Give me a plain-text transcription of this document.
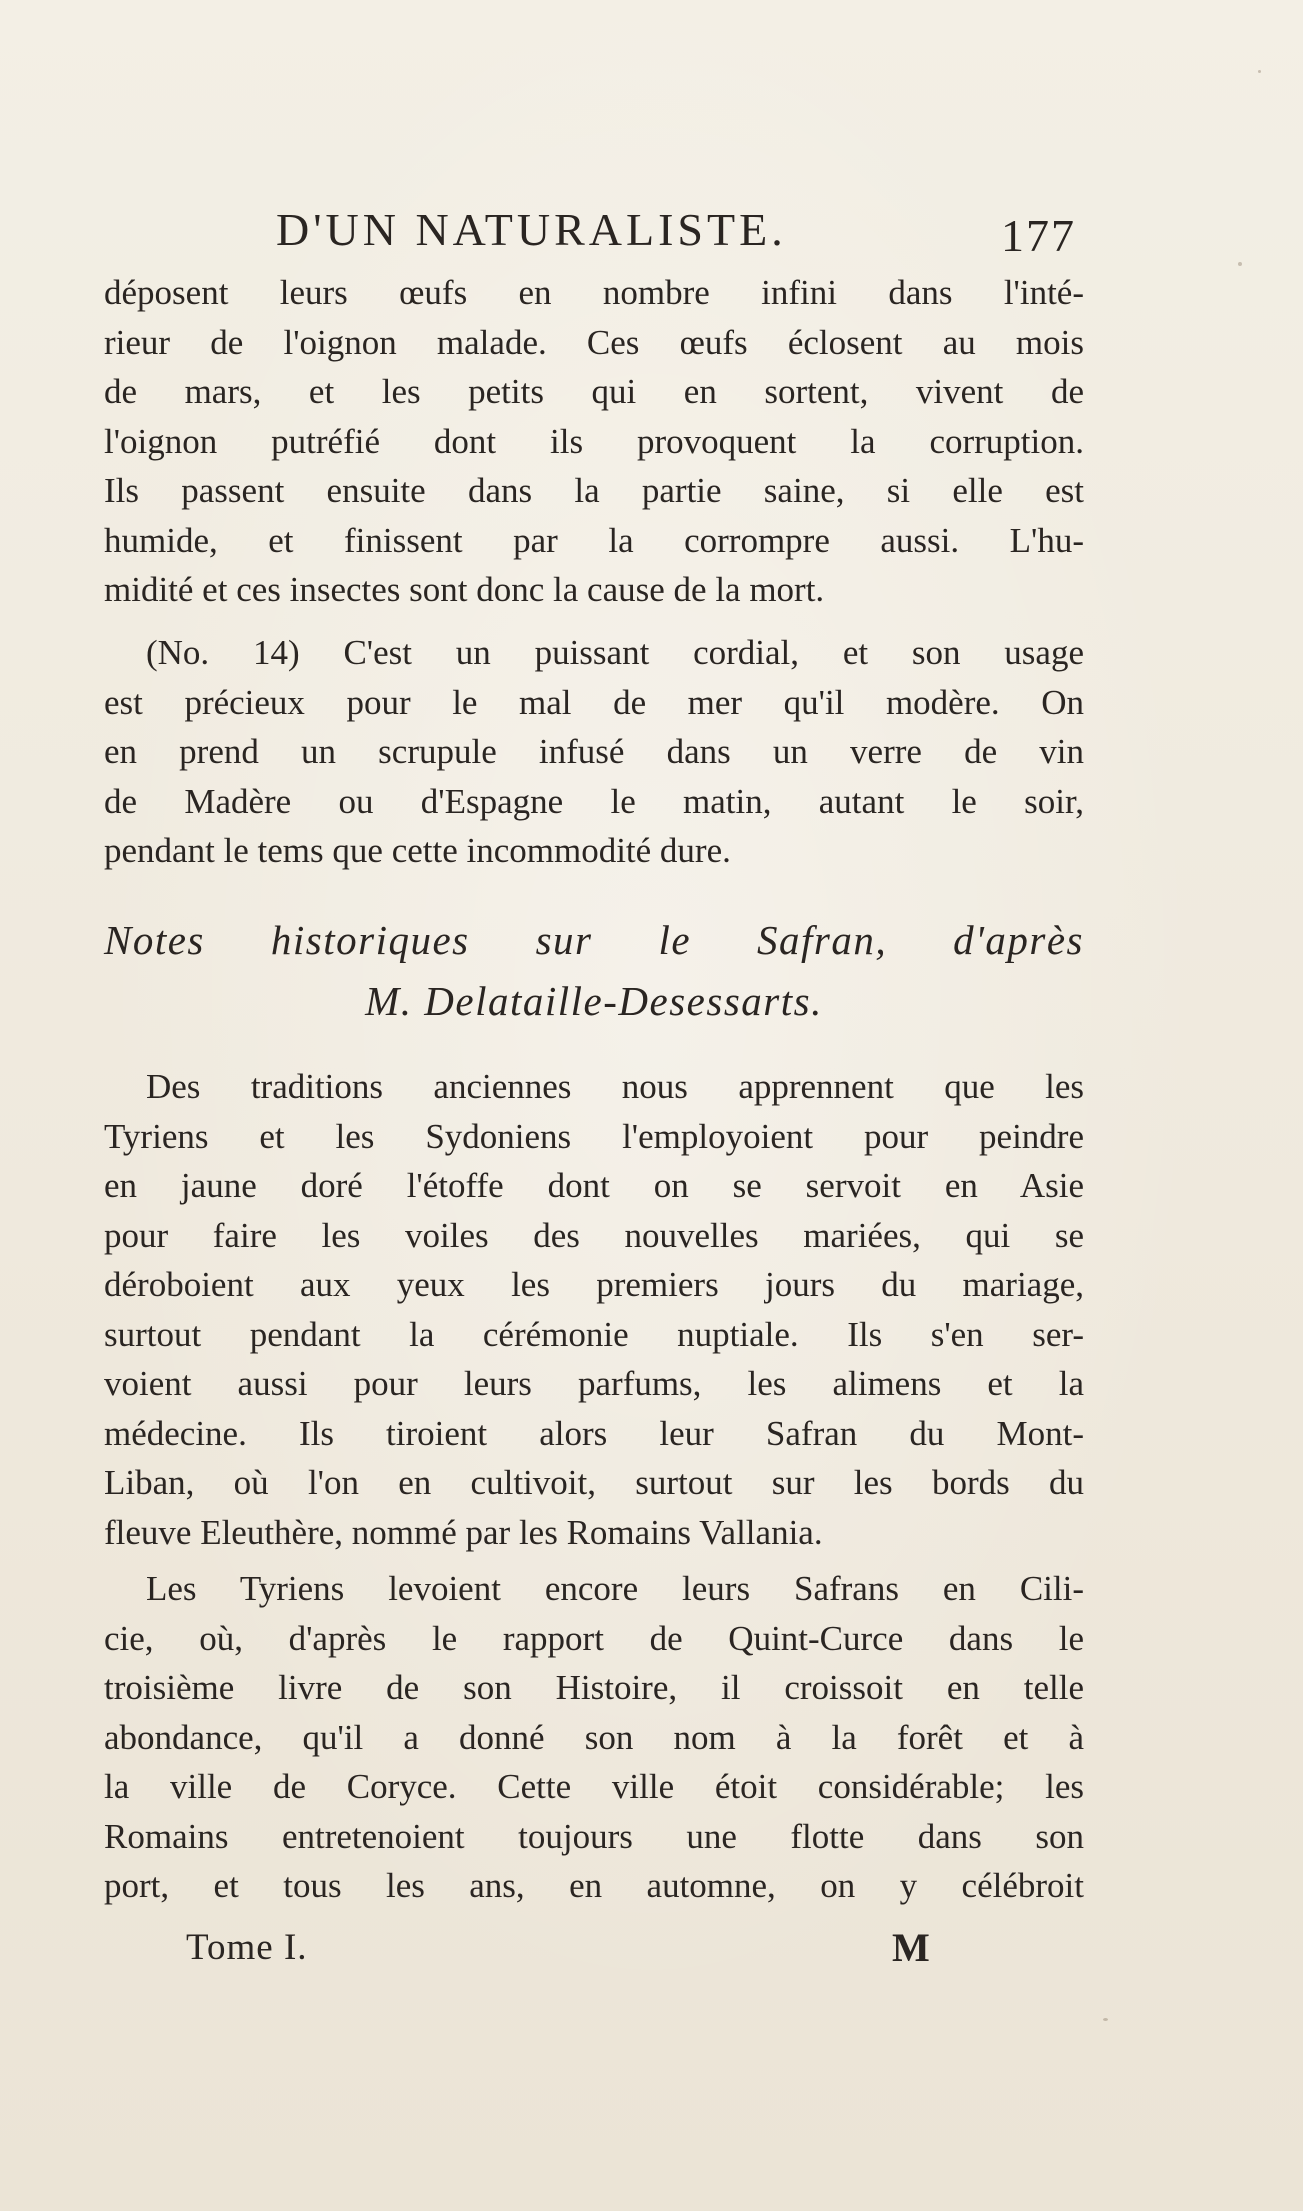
D'UN NATURALISTE.	177
déposent leurs œufs en nombre infini dans l'inté-
rieur de l'oignon malade. Ces œufs éclosent au mois
de mars, et les petits qui en sortent, vivent de
l'oignon putréfié dont ils provoquent la corruption.
Ils passent ensuite dans la partie saine, si elle est
humide, et finissent par la corrompre aussi. L'hu-
midité et ces insectes sont donc la cause de la mort.
(No. 14) C'est un puissant cordial, et son usage
est précieux pour le mal de mer qu'il modère. On
en prend un scrupule infusé dans un verre de vin
de Madère ou d'Espagne le matin, autant le soir,
pendant le tems que cette incommodité dure.
Notes historiques sur le Safran, d'après
M. Delataille-Desessarts.
Des traditions anciennes nous apprennent que les
Tyriens et les Sydoniens l'employoient pour peindre
en jaune doré l'étoffe dont on se servoit en Asie
pour faire les voiles des nouvelles mariées, qui se
déroboient aux yeux les premiers jours du mariage,
surtout pendant la cérémonie nuptiale. Ils s'en ser-
voient aussi pour leurs parfums, les alimens et la
médecine. Ils tiroient alors leur Safran du Mont-
Liban, où l'on en cultivoit, surtout sur les bords du
fleuve Eleuthère, nommé par les Romains Vallania.
Les Tyriens levoient encore leurs Safrans en Cili-
cie, où, d'après le rapport de Quint-Curce dans le
troisième livre de son Histoire, il croissoit en telle
abondance, qu'il a donné son nom à la forêt et à
la ville de Coryce. Cette ville étoit considérable; les
Romains entretenoient toujours une flotte dans son
port, et tous les ans, en automne, on y célébroit
Tome I.	M
